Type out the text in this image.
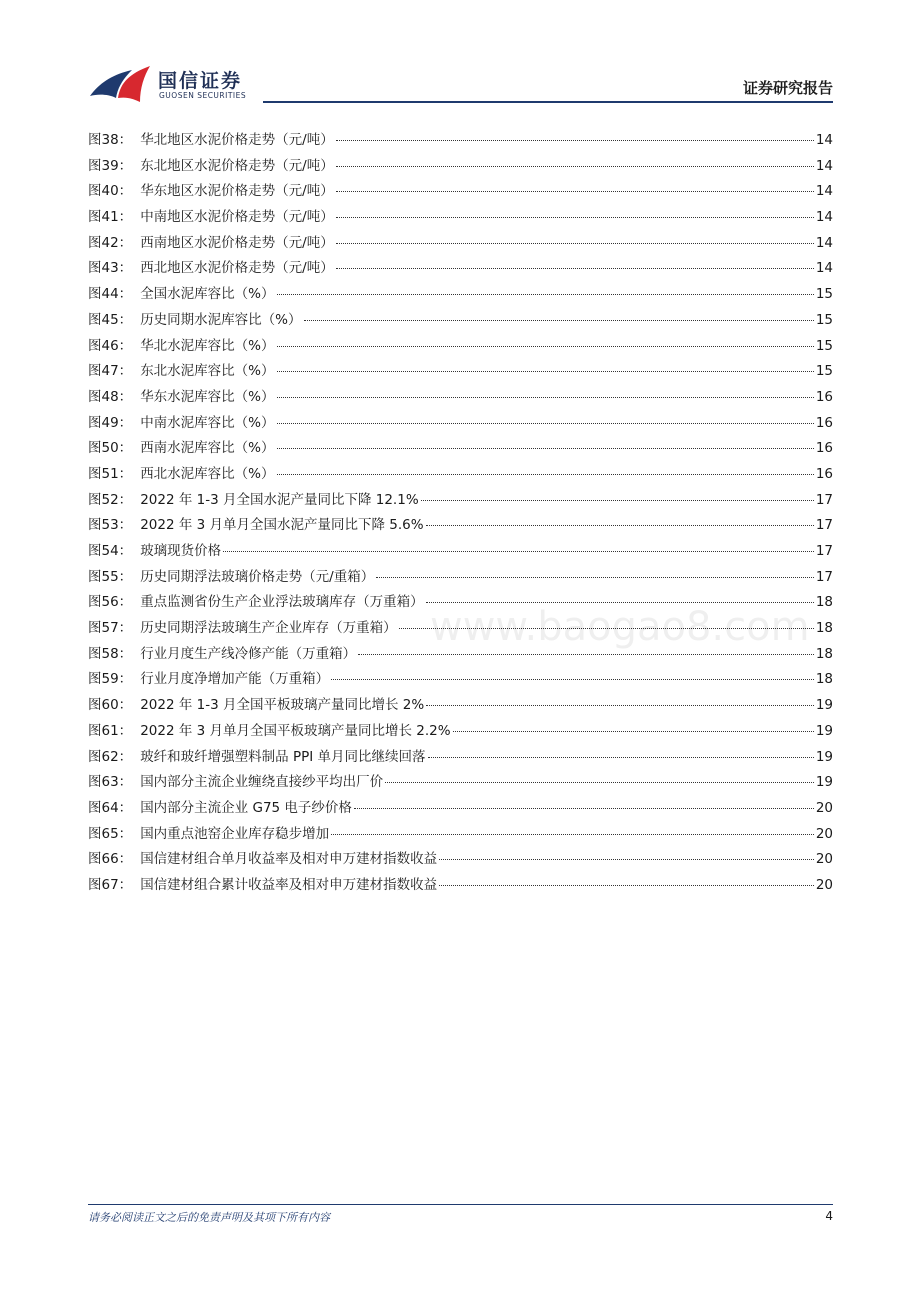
国信证券
GUOSEN SECURITIES	证券研究报告
图38： 华北地区水泥价格走势（元/吨）	14
图39： 东北地区水泥价格走势（元/吨）	14
图40： 华东地区水泥价格走势（元/吨）	14
图41： 中南地区水泥价格走势（元/吨）	14
图42： 西南地区水泥价格走势（元/吨）	14
图43： 西北地区水泥价格走势（元/吨）	14
图44： 全国水泥库容比（%）	15
图45： 历史同期水泥库容比（%）	15
图46： 华北水泥库容比（%）	15
图47： 东北水泥库容比（%）	15
图48： 华东水泥库容比（%）	16
图49： 中南水泥库容比（%）	16
图50： 西南水泥库容比（%）	16
图51： 西北水泥库容比（%）	16
图52： 2022 年 1-3 月全国水泥产量同比下降 12.1%	17
图53： 2022 年 3 月单月全国水泥产量同比下降 5.6%	17
图54： 玻璃现货价格	17
图55： 历史同期浮法玻璃价格走势（元/重箱）	17
图56： 重点监测省份生产企业浮法玻璃库存（万重箱）	18
图57： 历史同期浮法玻璃生产企业库存（万重箱）	18
图58： 行业月度生产线冷修产能（万重箱）	18
图59： 行业月度净增加产能（万重箱）	18
图60： 2022 年 1-3 月全国平板玻璃产量同比增长 2%	19
图61： 2022 年 3 月单月全国平板玻璃产量同比增长 2.2%	19
图62： 玻纤和玻纤增强塑料制品 PPI 单月同比继续回落	19
图63： 国内部分主流企业缠绕直接纱平均出厂价	19
图64： 国内部分主流企业 G75 电子纱价格	20
图65： 国内重点池窑企业库存稳步增加	20
图66： 国信建材组合单月收益率及相对申万建材指数收益	20
图67： 国信建材组合累计收益率及相对申万建材指数收益	20
www.baogao8.com
请务必阅读正文之后的免责声明及其项下所有内容	4
